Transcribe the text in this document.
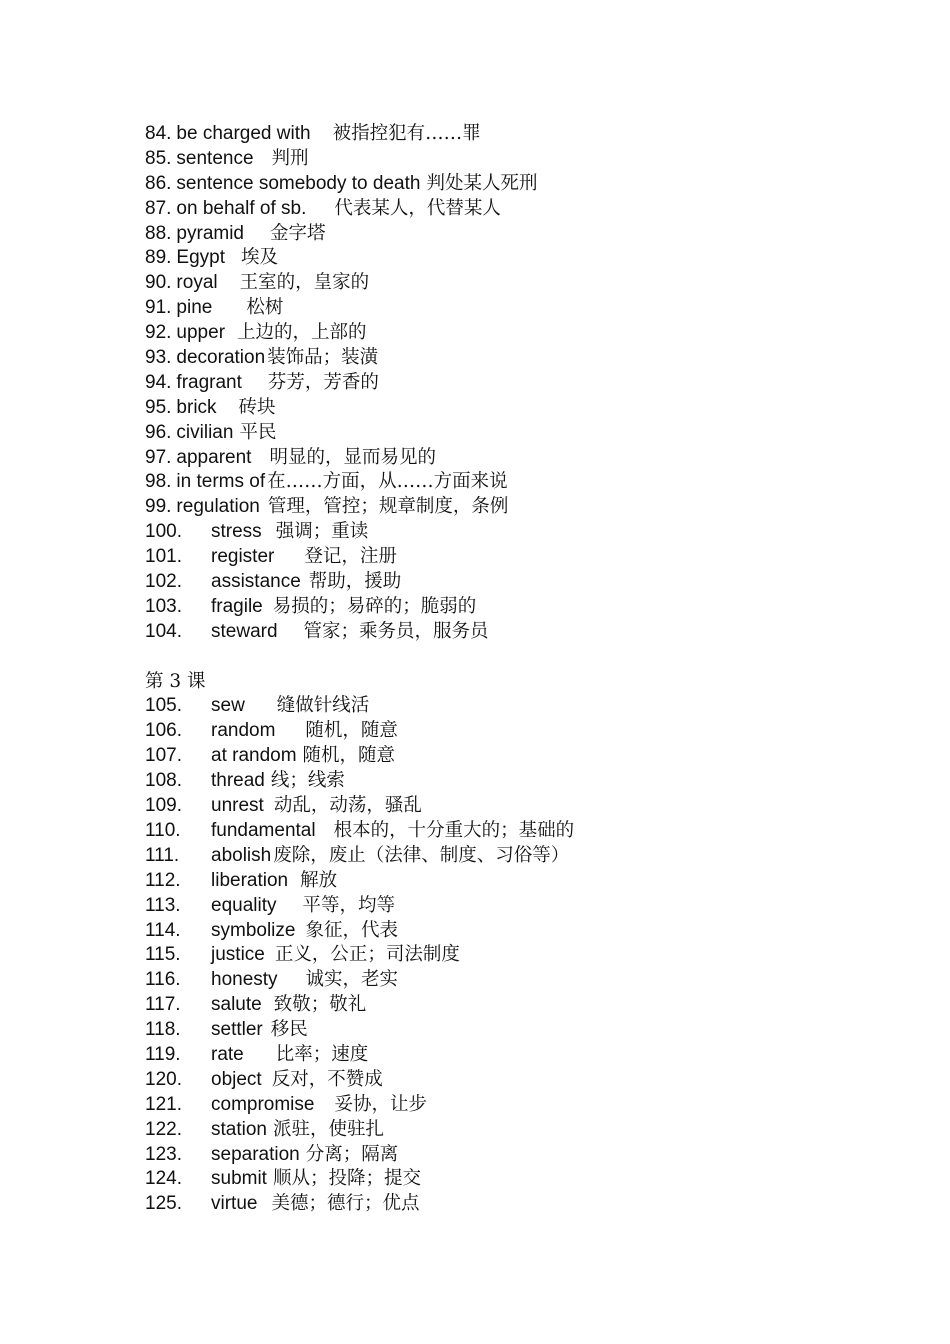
84. be charged with 被指控犯有……罪
85. sentence 判刑
86. sentence somebody to death 判处某人死刑
87. on behalf of sb. 代表某人，代替某人
88. pyramid 金字塔
89. Egypt 埃及
90. royal 王室的，皇家的
91. pine 松树
92. upper 上边的，上部的
93. decoration 装饰品；装潢
94. fragrant 芬芳，芳香的
95. brick 砖块
96. civilian 平民
97. apparent 明显的，显而易见的
98. in terms of 在……方面，从……方面来说
99. regulation 管理，管控；规章制度，条例
100. stress 强调；重读
101. register 登记，注册
102. assistance 帮助，援助
103. fragile 易损的；易碎的；脆弱的
104. steward 管家；乘务员，服务员
第 3 课
105. sew 缝做针线活
106. random 随机，随意
107. at random 随机，随意
108. thread 线；线索
109. unrest 动乱，动荡，骚乱
110. fundamental 根本的，十分重大的；基础的
111. abolish 废除，废止（法律、制度、习俗等）
112. liberation 解放
113. equality 平等，均等
114. symbolize 象征，代表
115. justice 正义，公正；司法制度
116. honesty 诚实，老实
117. salute 致敬；敬礼
118. settler 移民
119. rate 比率；速度
120. object 反对，不赞成
121. compromise 妥协，让步
122. station 派驻，使驻扎
123. separation 分离；隔离
124. submit 顺从；投降；提交
125. virtue 美德；德行；优点
